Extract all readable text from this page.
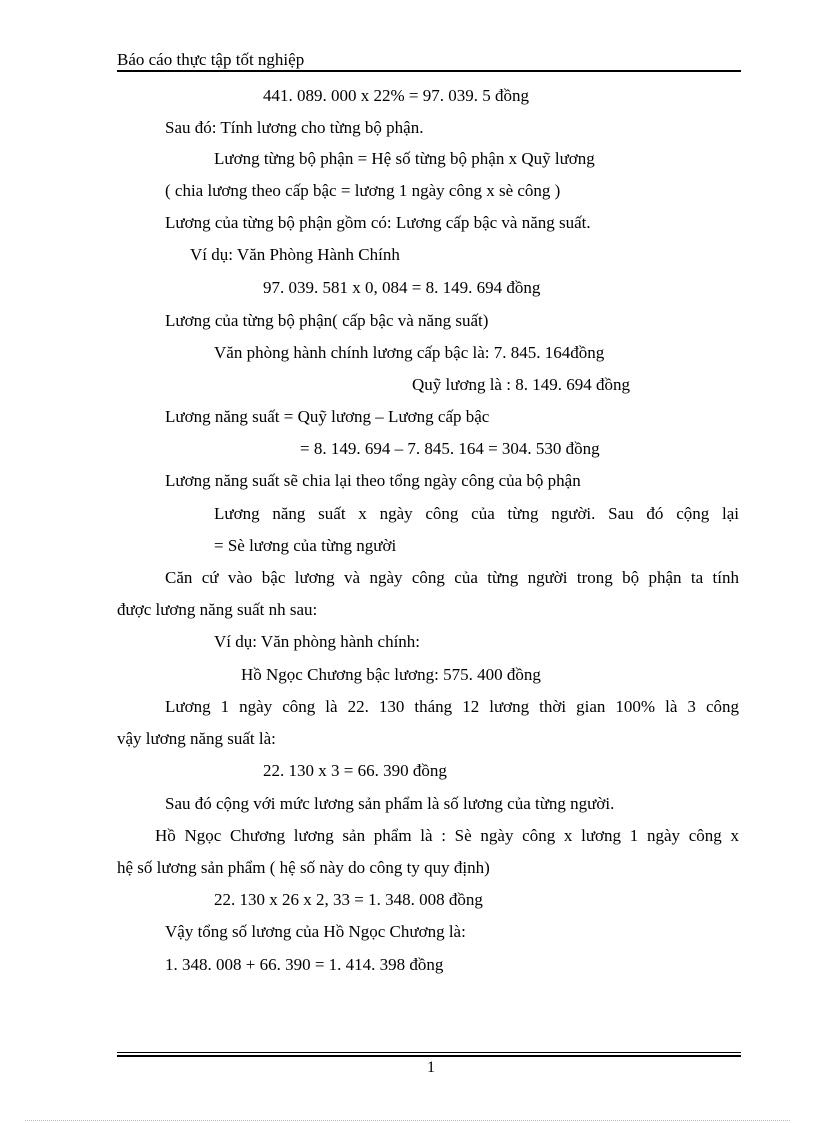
Báo cáo thực tập tốt nghiệp
441. 089. 000 x 22% = 97. 039. 5 đồng
Sau đó: Tính lương cho từng bộ phận.
Lương từng bộ phận = Hệ số từng bộ phận x Quỹ lương
( chia lương theo cấp bậc = lương 1 ngày công x sè công )
Lương của từng bộ phận gồm có: Lương cấp bậc và năng suất.
Ví dụ: Văn Phòng Hành Chính
97. 039. 581 x 0, 084 = 8. 149. 694 đồng
Lương của từng bộ phận( cấp bậc và năng suất)
Văn phòng hành chính lương cấp bậc là: 7. 845. 164đồng
Quỹ lương là : 8. 149. 694 đồng
Lương năng suất = Quỹ lương – Lương cấp bậc
= 8. 149. 694 – 7. 845. 164 = 304. 530 đồng
Lương năng suất sẽ chia lại theo tổng ngày công của bộ phận
Lương năng suất x ngày công của từng người. Sau đó cộng lại
= Sè lương của từng người
Căn cứ vào bậc lương và ngày công của từng người trong bộ phận ta tính
được lương năng suất nh sau:
Ví dụ: Văn phòng hành chính:
Hồ Ngọc Chương bậc lương: 575. 400 đồng
Lương 1 ngày công là 22. 130 tháng 12 lương thời gian 100% là 3 công
vậy lương năng suất là:
22. 130 x 3 = 66. 390 đồng
Sau đó cộng với mức lương sản phẩm là số lương của từng người.
Hồ Ngọc Chương lương sản phẩm là : Sè ngày công x lương 1 ngày công x
hệ số lương sản phẩm ( hệ số này do công ty quy định)
22. 130 x 26 x 2, 33 = 1. 348. 008 đồng
Vậy tổng số lương của Hồ Ngọc Chương là:
1. 348. 008 + 66. 390 = 1. 414. 398 đồng
1
